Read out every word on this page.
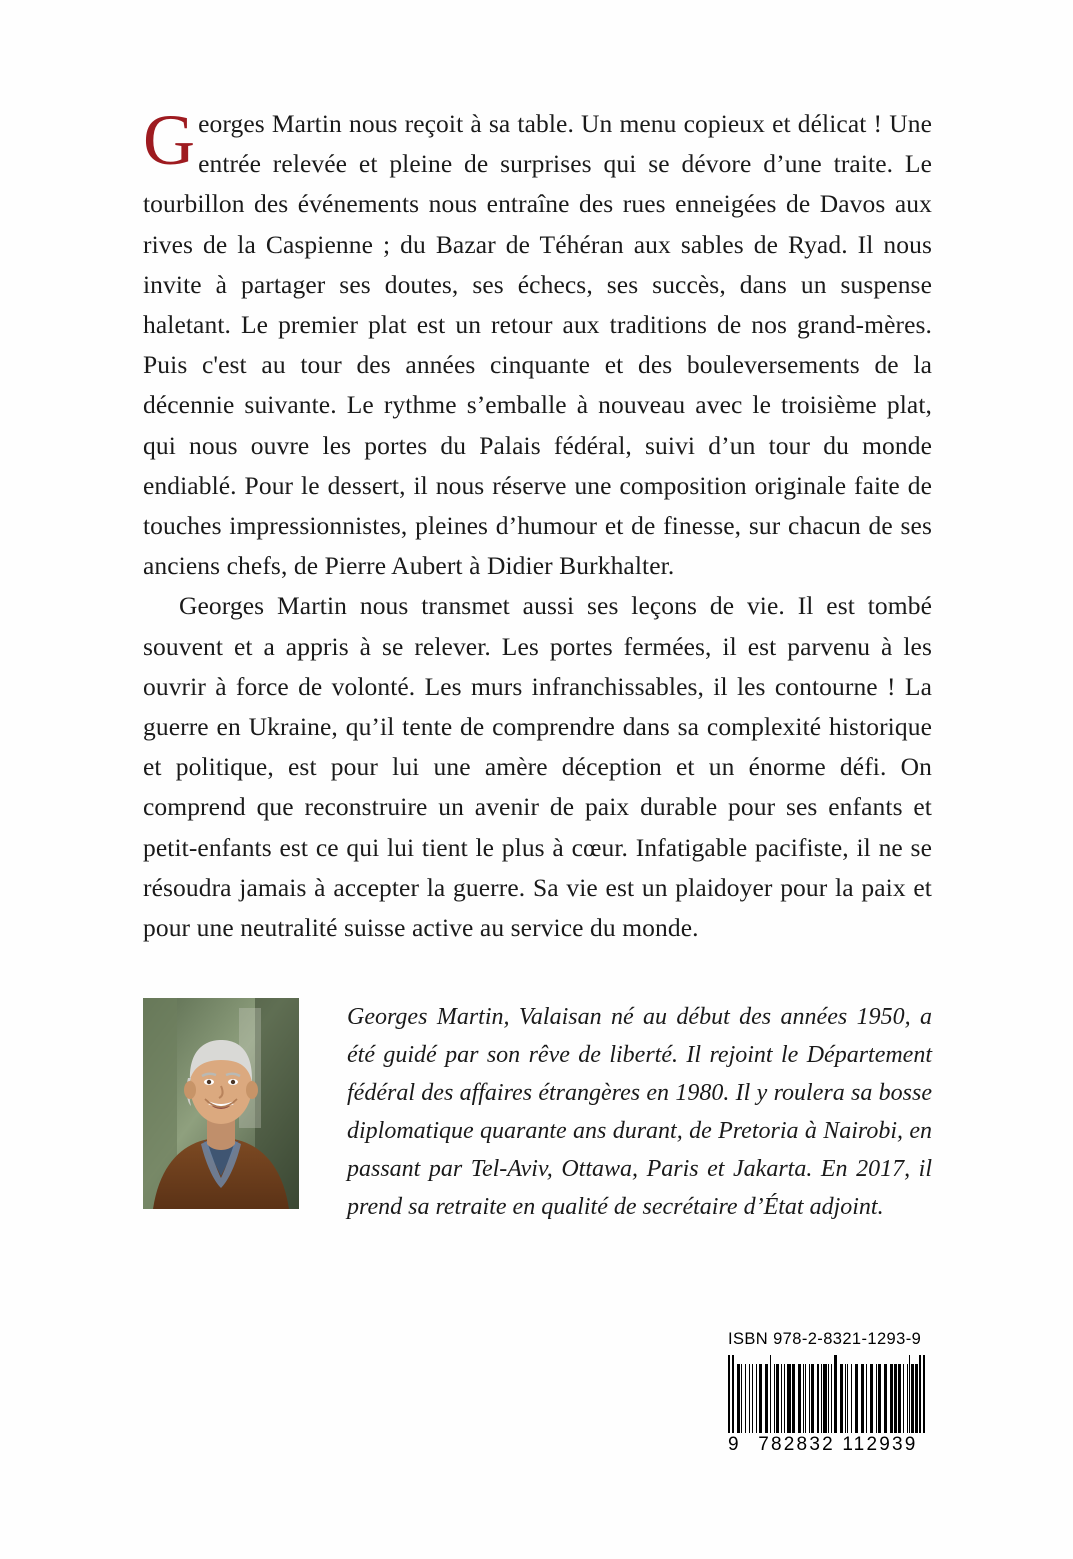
Georges Martin nous reçoit à sa table. Un menu copieux et délicat ! Une entrée relevée et pleine de surprises qui se dévore d’une traite. Le tourbillon des événements nous entraîne des rues enneigées de Davos aux rives de la Caspienne ; du Bazar de Téhéran aux sables de Ryad. Il nous invite à partager ses doutes, ses échecs, ses succès, dans un suspense haletant. Le premier plat est un retour aux traditions de nos grand-mères. Puis c'est au tour des années cinquante et des bouleversements de la décennie suivante. Le rythme s’emballe à nouveau avec le troisième plat, qui nous ouvre les portes du Palais fédéral, suivi d’un tour du monde endiablé. Pour le dessert, il nous réserve une composition originale faite de touches impressionnistes, pleines d’humour et de finesse, sur chacun de ses anciens chefs, de Pierre Aubert à Didier Burkhalter.

Georges Martin nous transmet aussi ses leçons de vie. Il est tombé souvent et a appris à se relever. Les portes fermées, il est parvenu à les ouvrir à force de volonté. Les murs infranchissables, il les contourne ! La guerre en Ukraine, qu’il tente de comprendre dans sa complexité historique et politique, est pour lui une amère déception et un énorme défi. On comprend que reconstruire un avenir de paix durable pour ses enfants et petit-enfants est ce qui lui tient le plus à cœur. Infatigable pacifiste, il ne se résoudra jamais à accepter la guerre. Sa vie est un plaidoyer pour la paix et pour une neutralité suisse active au service du monde.

Georges Martin, Valaisan né au début des années 1950, a été guidé par son rêve de liberté. Il rejoint le Département fédéral des affaires étrangères en 1980. Il y roulera sa bosse diplomatique quarante ans durant, de Pretoria à Nairobi, en passant par Tel-Aviv, Ottawa, Paris et Jakarta. En 2017, il prend sa retraite en qualité de secrétaire d’État adjoint.

ISBN 978-2-8321-1293-9
9 782832 112939
